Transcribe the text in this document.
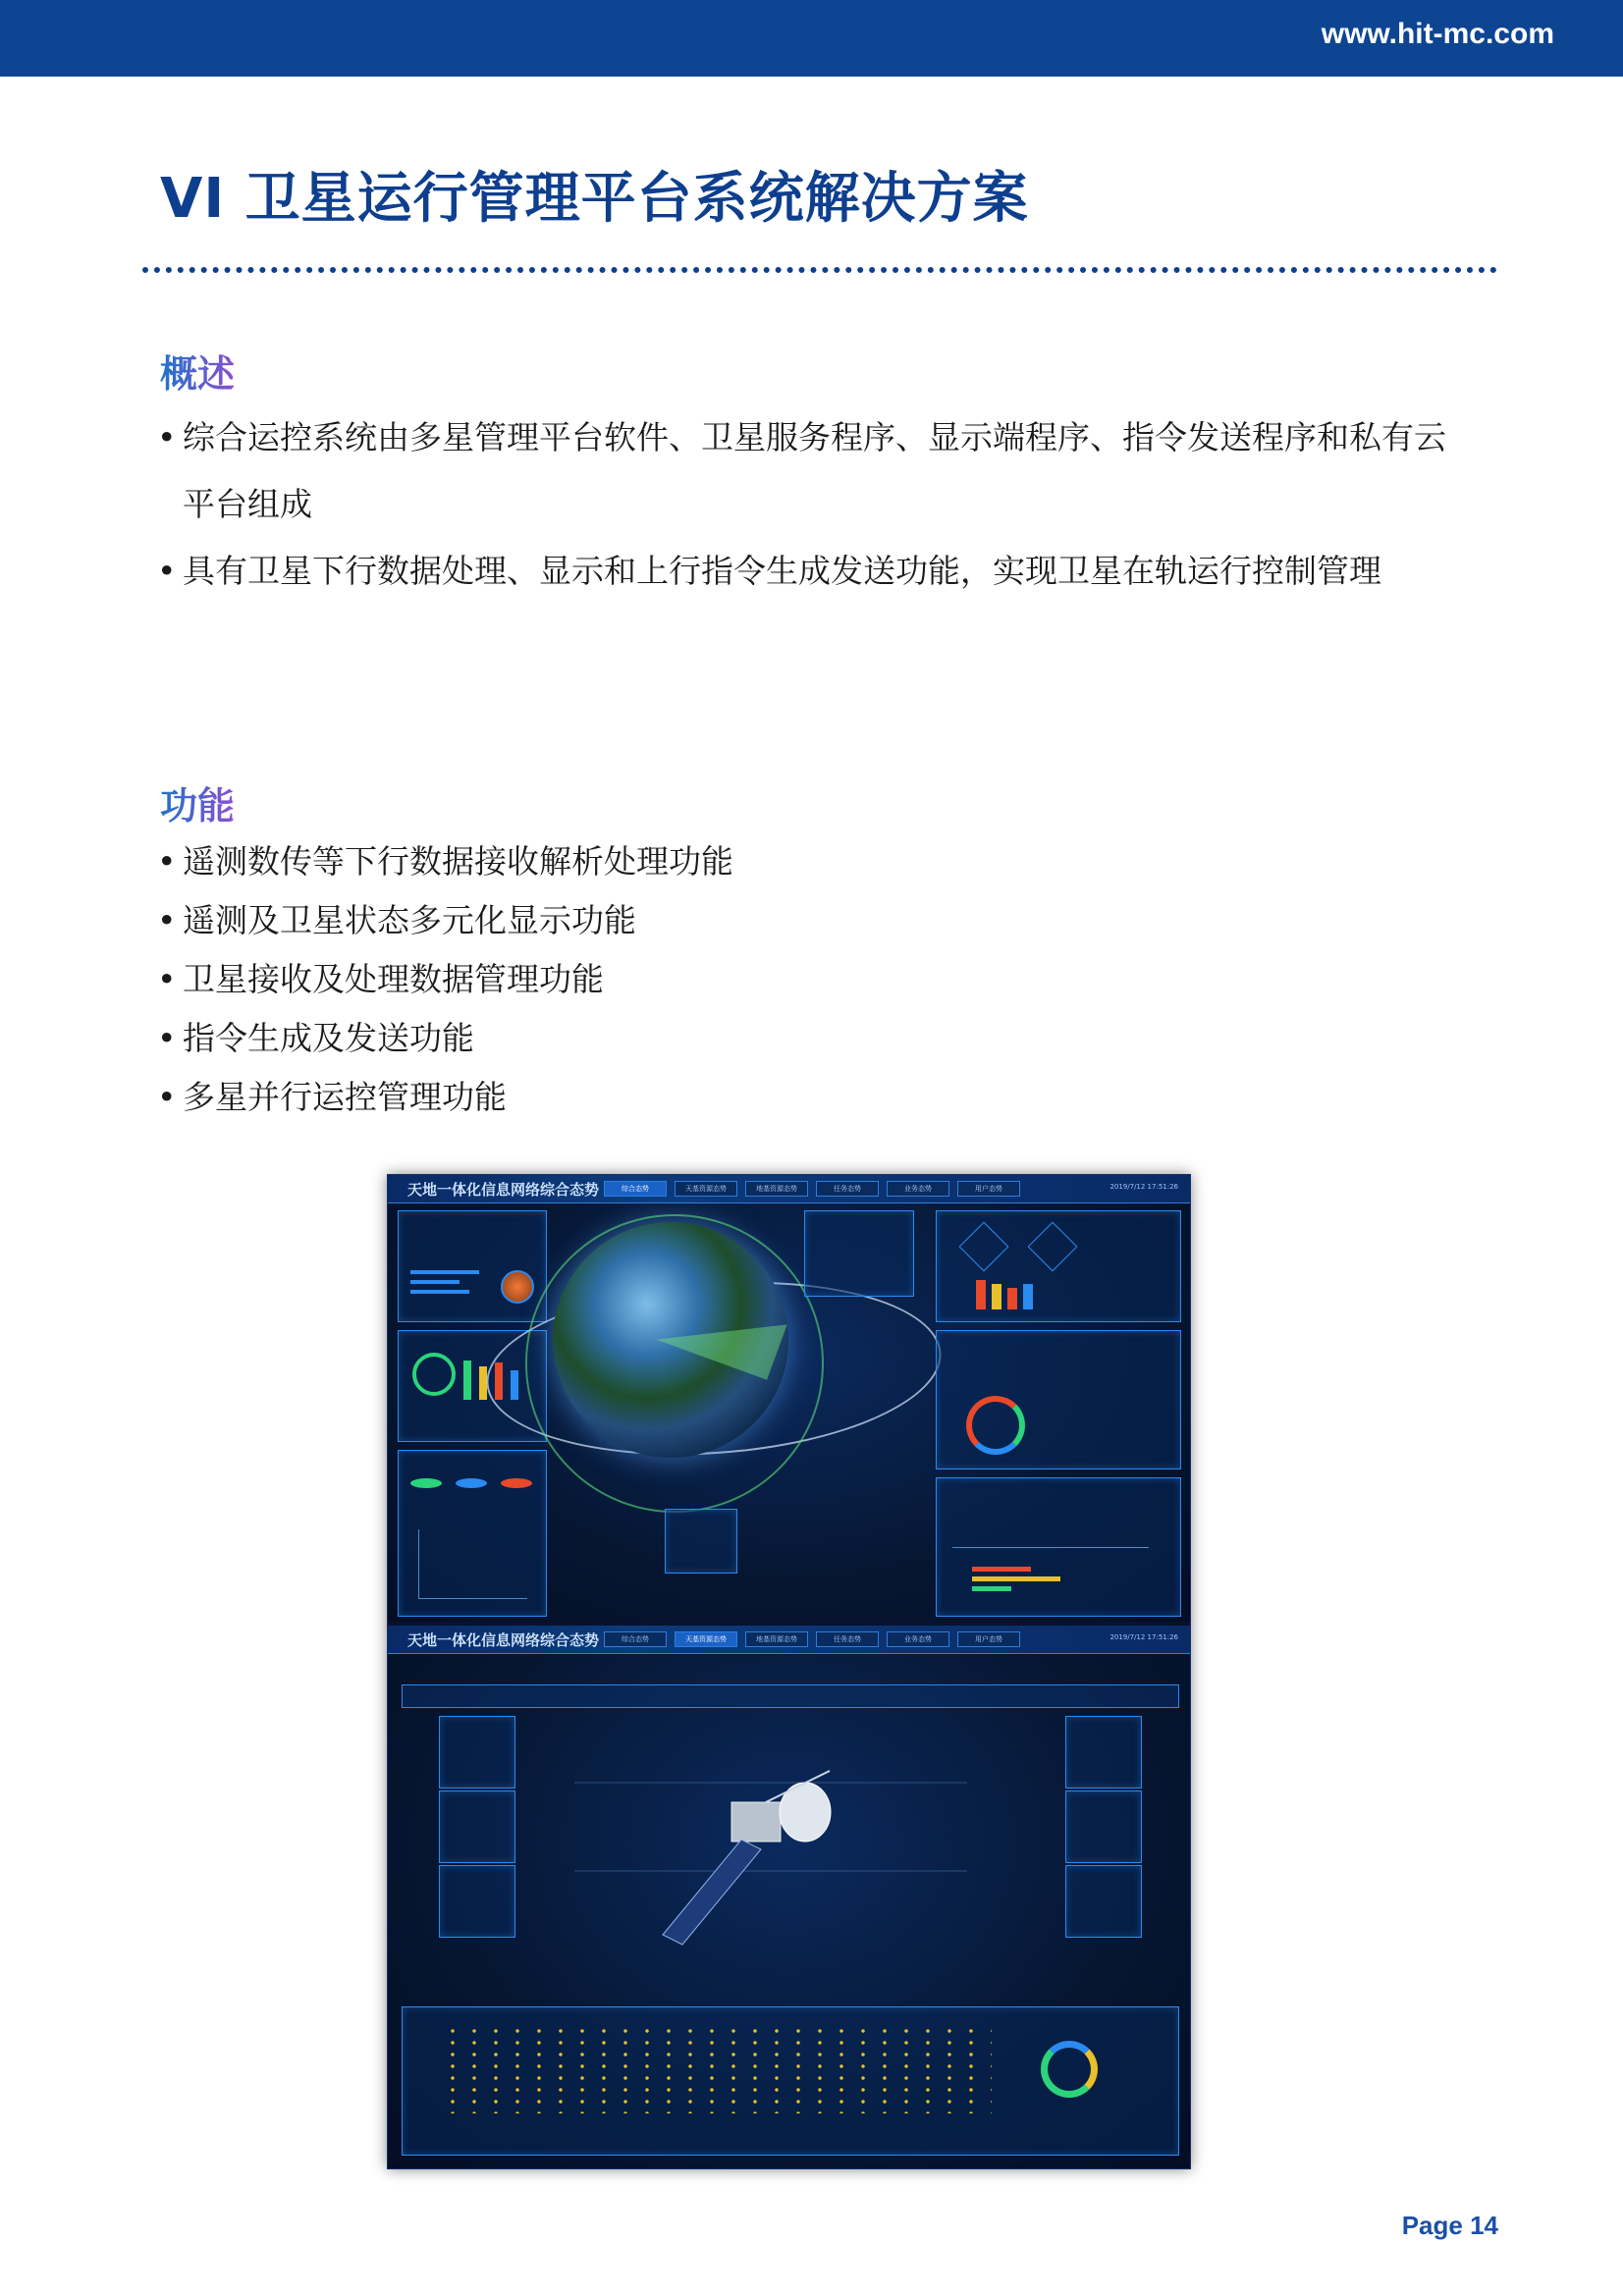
www.hit-mc.com
VI 卫星运行管理平台系统解决方案
概述
• 综合运控系统由多星管理平台软件、卫星服务程序、显示端程序、指令发送程序和私有云平台组成
• 具有卫星下行数据处理、显示和上行指令生成发送功能，实现卫星在轨运行控制管理
功能
• 遥测数传等下行数据接收解析处理功能
• 遥测及卫星状态多元化显示功能
• 卫星接收及处理数据管理功能
• 指令生成及发送功能
• 多星并行运控管理功能
天地一体化信息网络综合态势	综合态势	天基资源态势	地基资源态势	任务态势	业务态势	用户态势	2019/7/12 17:51:26
天地一体化信息网络综合态势	综合态势	天基资源态势	地基资源态势	任务态势	业务态势	用户态势	2019/7/12 17:51:26
Page 14
